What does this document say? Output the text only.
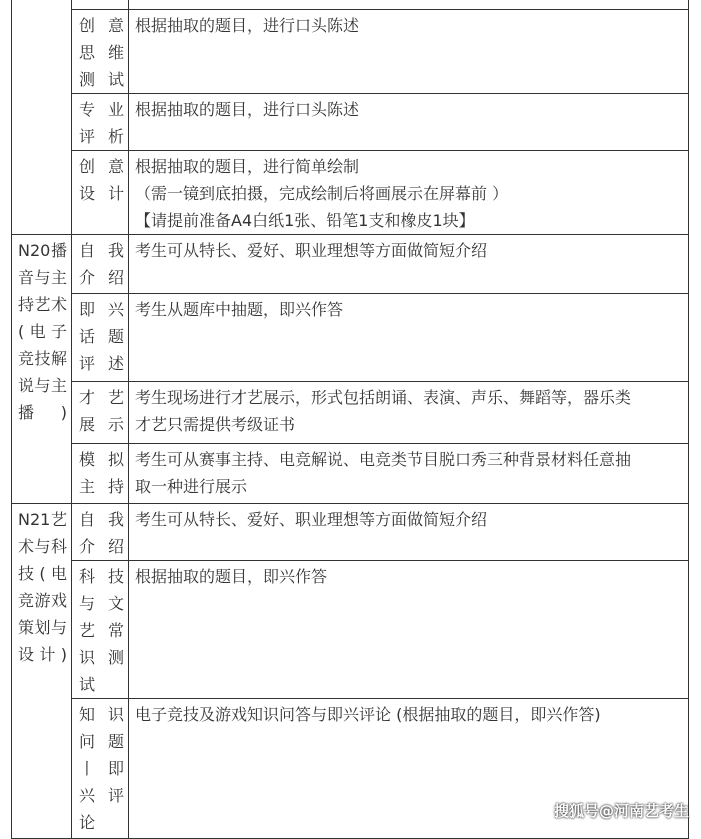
	创意思维测试	根据抽取的题目，进行口头陈述

	专业评析	根据抽取的题目，进行口头陈述

	创意设计	根据抽取的题目，进行简单绘制
（需一镜到底拍摄，完成绘制后将画展示在屏幕前 ）
【请提前准备A4白纸1张、铅笔1支和橡皮1块】

N20播音与主持艺术(电子竞技解说与主播)	自我介绍	考生可从特长、爱好、职业理想等方面做简短介绍

	即兴话题评述	考生从题库中抽题，即兴作答

	才艺展示	考生现场进行才艺展示，形式包括朗诵、表演、声乐、舞蹈等，器乐类
才艺只需提供考级证书

	模拟主持	考生可从赛事主持、电竞解说、电竞类节目脱口秀三种背景材料任意抽
取一种进行展示

N21艺术与科技(电竞游戏策划与设计)	自我介绍	考生可从特长、爱好、职业理想等方面做简短介绍

	科技与文艺常识测试	根据抽取的题目，即兴作答

	知识问题丨即兴评论	电子竞技及游戏知识问答与即兴评论 (根据抽取的题目，即兴作答)
搜狐号@河南艺考生
